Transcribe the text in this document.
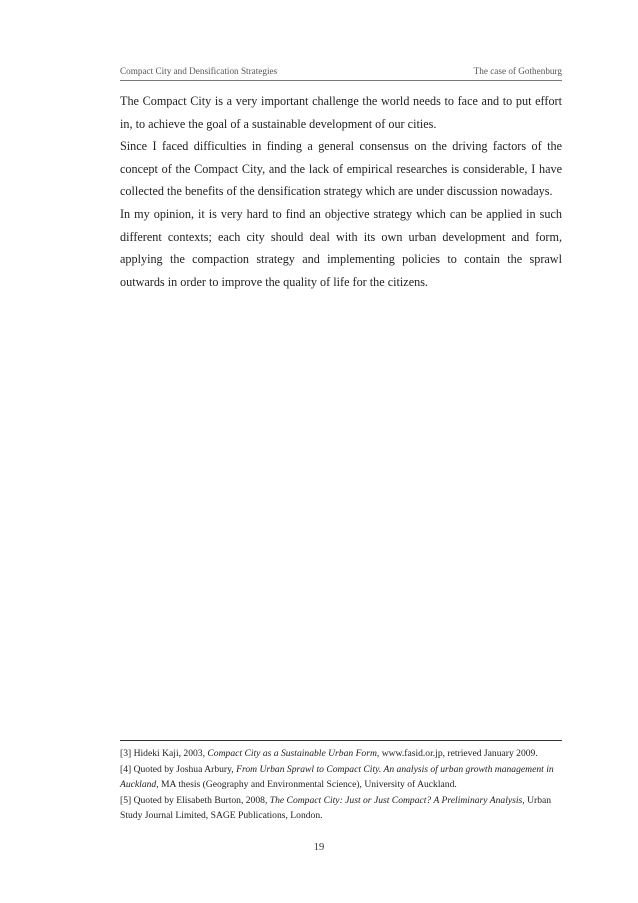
Compact City and Densification Strategies	The case of Gothenburg

The Compact City is a very important challenge the world needs to face and to put effort in, to achieve the goal of a sustainable development of our cities.

Since I faced difficulties in finding a general consensus on the driving factors of the concept of the Compact City, and the lack of empirical researches is considerable, I have collected the benefits of the densification strategy which are under discussion nowadays.

In my opinion, it is very hard to find an objective strategy which can be applied in such different contexts; each city should deal with its own urban development and form, applying the compaction strategy and implementing policies to contain the sprawl outwards in order to improve the quality of life for the citizens.

[3] Hideki Kaji, 2003, Compact City as a Sustainable Urban Form, www.fasid.or.jp, retrieved January 2009.

[4] Quoted by Joshua Arbury, From Urban Sprawl to Compact City. An analysis of urban growth management in Auckland, MA thesis (Geography and Environmental Science), University of Auckland.

[5] Quoted by Elisabeth Burton, 2008, The Compact City: Just or Just Compact? A Preliminary Analysis, Urban Study Journal Limited, SAGE Publications, London.

19
